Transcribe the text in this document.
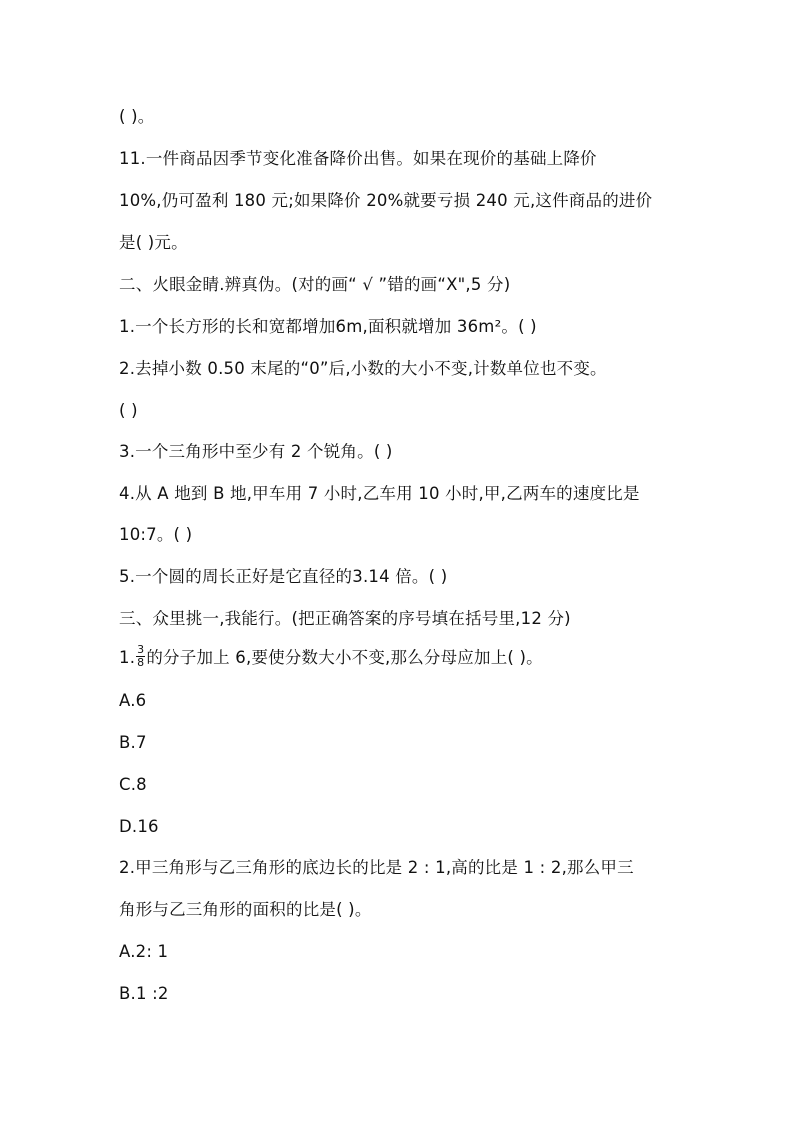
( )。
11.一件商品因季节变化准备降价出售。如果在现价的基础上降价
10%,仍可盈利 180 元;如果降价 20%就要亏损 240 元,这件商品的进价
是( )元。
二、火眼金睛.辨真伪。(对的画“ √ ”错的画“X",5 分)
1.一个长方形的长和宽都增加6m,面积就增加 36m²。( )
2.去掉小数 0.50 末尾的“0”后,小数的大小不变,计数单位也不变。
( )
3.一个三角形中至少有 2 个锐角。( )
4.从 A 地到 B 地,甲车用 7 小时,乙车用 10 小时,甲,乙两车的速度比是
10:7。( )
5.一个圆的周长正好是它直径的3.14 倍。( )
三、众里挑一,我能行。(把正确答案的序号填在括号里,12 分)
1. $\frac{3}{8}$ 的分子加上 6,要使分数大小不变,那么分母应加上( )。
A.6
B.7
C.8
D.16
2.甲三角形与乙三角形的底边长的比是 2 : 1,高的比是 1 : 2,那么甲三
角形与乙三角形的面积的比是( )。
A.2: 1
B.1 :2
